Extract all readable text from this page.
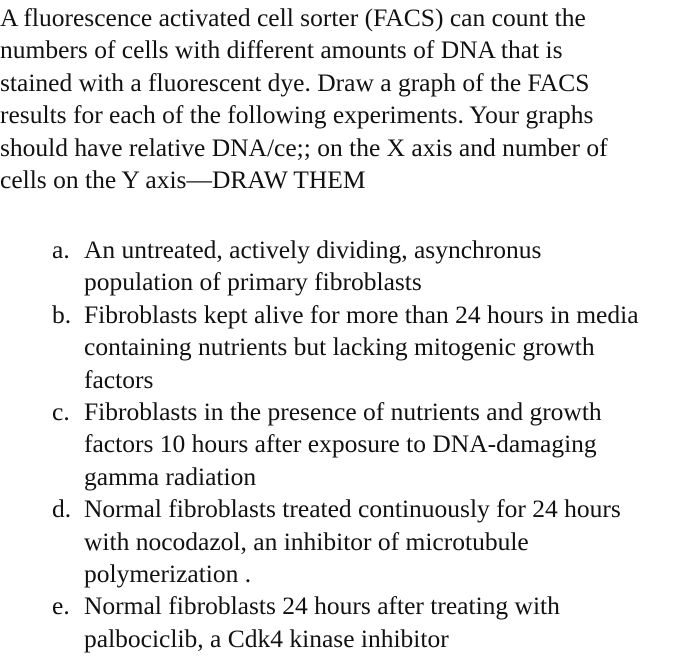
A fluorescence activated cell sorter (FACS) can count the
numbers of cells with different amounts of DNA that is
stained with a fluorescent dye. Draw a graph of the FACS
results for each of the following experiments. Your graphs
should have relative DNA/ce;; on the X axis and number of
cells on the Y axis—DRAW THEM
a. An untreated, actively dividing, asynchronus
population of primary fibroblasts
b. Fibroblasts kept alive for more than 24 hours in media
containing nutrients but lacking mitogenic growth
factors
c. Fibroblasts in the presence of nutrients and growth
factors 10 hours after exposure to DNA-damaging
gamma radiation
d. Normal fibroblasts treated continuously for 24 hours
with nocodazol, an inhibitor of microtubule
polymerization .
e. Normal fibroblasts 24 hours after treating with
palbociclib, a Cdk4 kinase inhibitor
